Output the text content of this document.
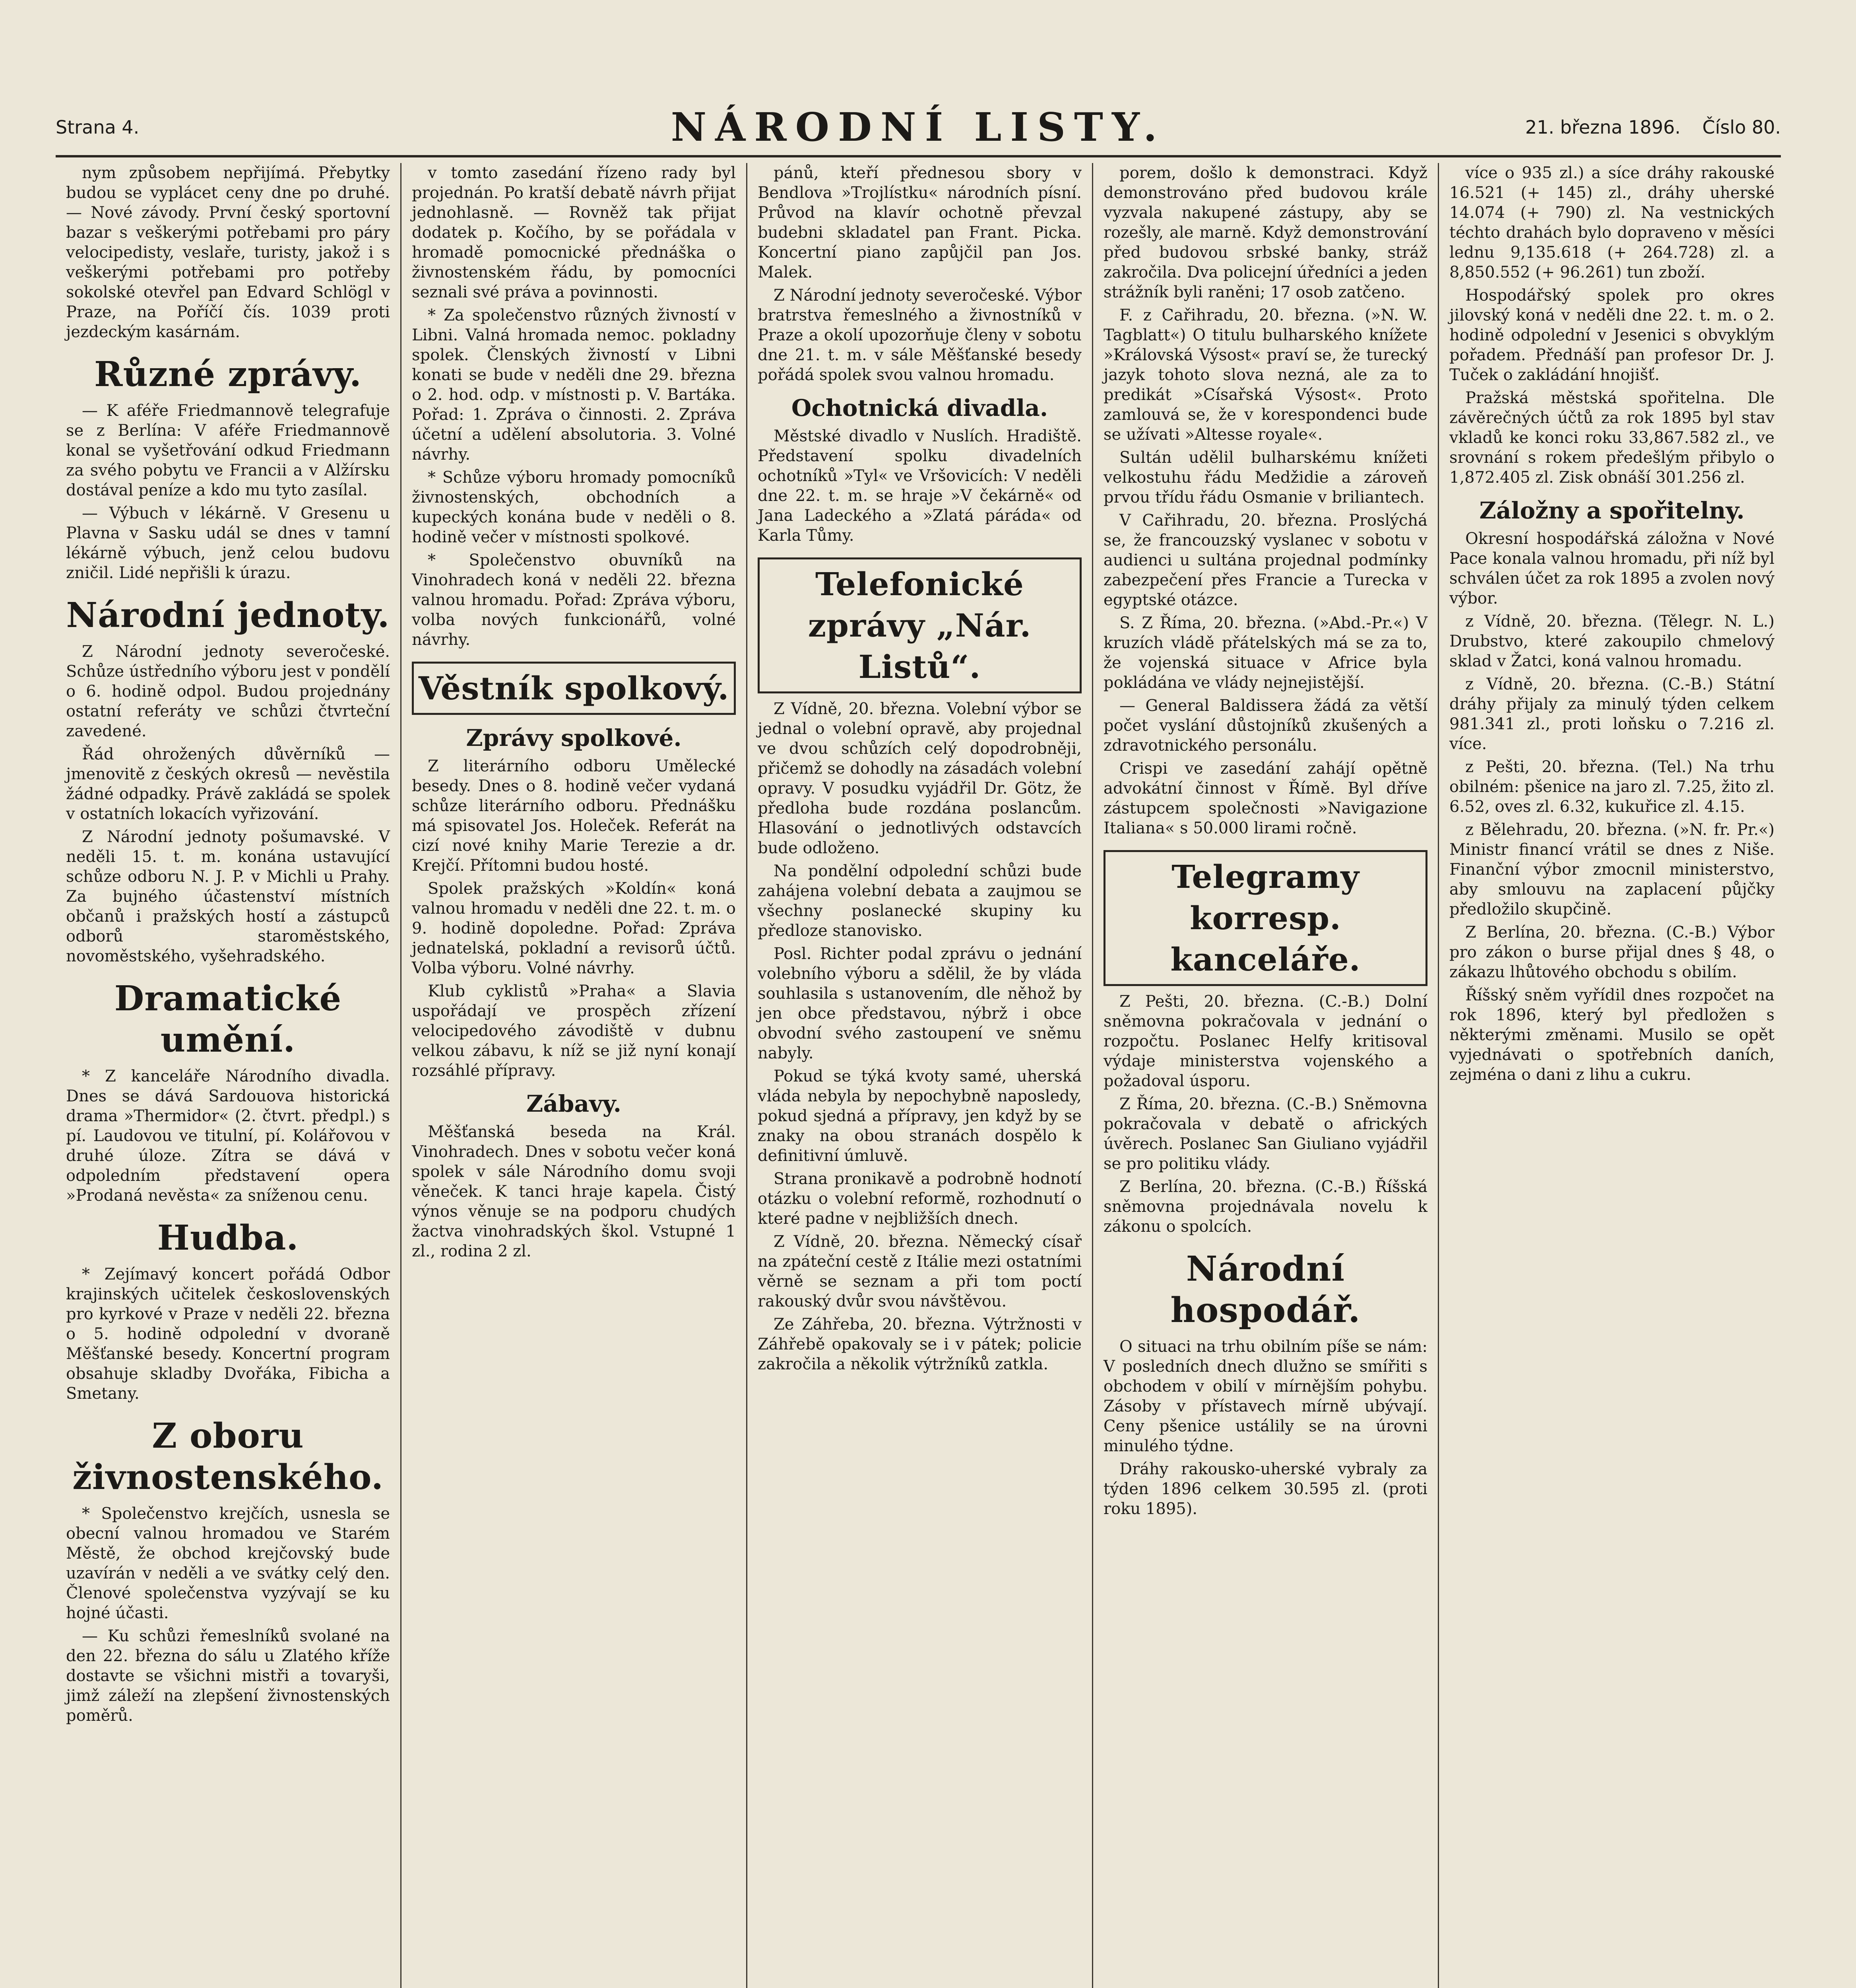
Strana 4.	NÁRODNÍ LISTY.	21. března 1896. Číslo 80.

nym způsobem nepřijímá. Přebytky budou se vyplácet ceny dne po druhé. — Nové závody. První český sportovní bazar s veškerými potřebami pro páry velocipedisty, veslaře, turisty, jakož i s veškerými potřebami pro potřeby sokolské otevřel pan Edvard Schlögl v Praze, na Poříčí čís. 1039 proti jezdeckým kasárnám.

Různé zprávy.

— K aféře Friedmannově telegrafuje se z Berlína: V aféře Friedmannově konal se vyšetřování odkud Friedmann za svého pobytu ve Francii a v Alžírsku dostával peníze a kdo mu tyto zasílal.

— Výbuch v lékárně. V Gresenu u Plavna v Sasku udál se dnes v tamní lékárně výbuch, jenž celou budovu zničil. Lidé nepřišli k úrazu.

Národní jednoty.

Z Národní jednoty severočeské. Schůze ústředního výboru jest v pondělí o 6. hodině odpol. Budou projednány ostatní referáty ve schůzi čtvrteční zavedené.

Řád ohrožených důvěrníků — jmenovitě z českých okresů — nevěstila žádné odpadky. Právě zakládá se spolek v ostatních lokacích vyřizování.

Z Národní jednoty pošumavské. V neděli 15. t. m. konána ustavující schůze odboru N. J. P. v Michli u Prahy. Za bujného účastenství místních občanů i pražských hostí a zástupců odborů staroměstského, novoměstského, vyšehradského.

Dramatické umění.

* Z kanceláře Národního divadla. Dnes se dává Sardouova historická drama »Thermidor« (2. čtvrt. předpl.) s pí. Laudovou ve titulní, pí. Kolářovou v druhé úloze. Zítra se dává v odpoledním představení opera »Prodaná nevěsta« za sníženou cenu.

Hudba.

* Zejímavý koncert pořádá Odbor krajinských učitelek československých pro kyrkové v Praze v neděli 22. března o 5. hodině odpolední v dvoraně Měšťanské besedy. Koncertní program obsahuje skladby Dvořáka, Fibicha a Smetany.

Z oboru živnostenského.

* Společenstvo krejčích, usnesla se obecní valnou hromadou ve Starém Městě, že obchod krejčovský bude uzavírán v neděli a ve svátky celý den. Členové společenstva vyzývají se ku hojné účasti.

— Ku schůzi řemeslníků svolané na den 22. března do sálu u Zlatého kříže dostavte se všichni mistři a tovaryši, jimž záleží na zlepšení živnostenských poměrů.

v tomto zasedání řízeno rady byl projednán. Po kratší debatě návrh přijat jednohlasně. — Rovněž tak přijat dodatek p. Kočího, by se pořádala v hromadě pomocnické přednáška o živnostenském řádu, by pomocníci seznali své práva a povinnosti.

* Za společenstvo různých živností v Libni. Valná hromada nemoc. pokladny spolek. Členských živností v Libni konati se bude v neděli dne 29. března o 2. hod. odp. v místnosti p. V. Bartáka. Pořad: 1. Zpráva o činnosti. 2. Zpráva účetní a udělení absolutoria. 3. Volné návrhy.

* Schůze výboru hromady pomocníků živnostenských, obchodních a kupeckých konána bude v neděli o 8. hodině večer v místnosti spolkové.

* Společenstvo obuvníků na Vinohradech koná v neděli 22. března valnou hromadu. Pořad: Zpráva výboru, volba nových funkcionářů, volné návrhy.

Věstník spolkový.
Zprávy spolkové.

Z literárního odboru Umělecké besedy. Dnes o 8. hodině večer vydaná schůze literárního odboru. Přednášku má spisovatel Jos. Holeček. Referát na cizí nové knihy Marie Terezie a dr. Krejčí. Přítomni budou hosté.

Spolek pražských »Koldín« koná valnou hromadu v neděli dne 22. t. m. o 9. hodině dopoledne. Pořad: Zpráva jednatelská, pokladní a revisorů účtů. Volba výboru. Volné návrhy.

Klub cyklistů »Praha« a Slavia uspořádají ve prospěch zřízení velocipedového závodiště v dubnu velkou zábavu, k níž se již nyní konají rozsáhlé přípravy.

Zábavy.

Měšťanská beseda na Král. Vinohradech. Dnes v sobotu večer koná spolek v sále Národního domu svoji věneček. K tanci hraje kapela. Čistý výnos věnuje se na podporu chudých žactva vinohradských škol. Vstupné 1 zl., rodina 2 zl.

pánů, kteří přednesou sbory v Bendlova »Trojlístku« národních písní. Průvod na klavír ochotně převzal budebni skladatel pan Frant. Picka. Koncertní piano zapůjčil pan Jos. Malek.

Z Národní jednoty severočeské. Výbor bratrstva řemeslného a živnostníků v Praze a okolí upozorňuje členy v sobotu dne 21. t. m. v sále Měšťanské besedy pořádá spolek svou valnou hromadu.

Ochotnická divadla.

Městské divadlo v Nuslích. Hradiště. Představení spolku divadelních ochotníků »Tyl« ve Vršovicích: V neděli dne 22. t. m. se hraje »V čekárně« od Jana Ladeckého a »Zlatá páráda« od Karla Tůmy.

Telefonické zprávy „Nár. Listů“.

Z Vídně, 20. března. Volební výbor se jednal o volební opravě, aby projednal ve dvou schůzích celý dopodrobněji, přičemž se dohodly na zásadách volební opravy. V posudku vyjádřil Dr. Götz, že předloha bude rozdána poslancům. Hlasování o jednotlivých odstavcích bude odloženo.

Na pondělní odpolední schůzi bude zahájena volební debata a zaujmou se všechny poslanecké skupiny ku předloze stanovisko.

Posl. Richter podal zprávu o jednání volebního výboru a sdělil, že by vláda souhlasila s ustanovením, dle něhož by jen obce představou, nýbrž i obce obvodní svého zastoupení ve sněmu nabyly.

Pokud se týká kvoty samé, uherská vláda nebyla by nepochybně naposledy, pokud sjedná a přípravy, jen když by se znaky na obou stranách dospělo k definitivní úmluvě.

Strana pronikavě a podrobně hodnotí otázku o volební reformě, rozhodnutí o které padne v nejbližších dnech.

Z Vídně, 20. března. Německý císař na zpáteční cestě z Itálie mezi ostatními věrně se seznam a při tom poctí rakouský dvůr svou návštěvou.

Ze Záhřeba, 20. března. Výtržnosti v Záhřebě opakovaly se i v pátek; policie zakročila a několik výtržníků zatkla.

porem, došlo k demonstraci. Když demonstrováno před budovou krále vyzvala nakupené zástupy, aby se rozešly, ale marně. Když demonstrování před budovou srbské banky, stráž zakročila. Dva policejní úředníci a jeden strážník byli raněni; 17 osob zatčeno.

F. z Cařihradu, 20. března. (»N. W. Tagblatt«) O titulu bulharského knížete »Královská Výsost« praví se, že turecký jazyk tohoto slova nezná, ale za to predikát »Císařská Výsost«. Proto zamlouvá se, že v korespondenci bude se užívati »Altesse royale«.

Sultán udělil bulharskému knížeti velkostuhu řádu Medžidie a zároveň prvou třídu řádu Osmanie v briliantech.

V Cařihradu, 20. března. Proslýchá se, že francouzský vyslanec v sobotu v audienci u sultána projednal podmínky zabezpečení přes Francie a Turecka v egyptské otázce.

S. Z Říma, 20. března. (»Abd.-Pr.«) V kruzích vládě přátelských má se za to, že vojenská situace v Africe byla pokládána ve vlády nejnejistější.

— General Baldissera žádá za větší počet vyslání důstojníků zkušených a zdravotnického personálu.

Crispi ve zasedání zahájí opětně advokátní činnost v Římě. Byl dříve zástupcem společnosti »Navigazione Italiana« s 50.000 lirami ročně.

Telegramy korresp. kanceláře.

Z Pešti, 20. března. (C.-B.) Dolní sněmovna pokračovala v jednání o rozpočtu. Poslanec Helfy kritisoval výdaje ministerstva vojenského a požadoval úsporu.

Z Říma, 20. března. (C.-B.) Sněmovna pokračovala v debatě o afrických úvěrech. Poslanec San Giuliano vyjádřil se pro politiku vlády.

Z Berlína, 20. března. (C.-B.) Říšská sněmovna projednávala novelu k zákonu o spolcích.

Národní hospodář.

O situaci na trhu obilním píše se nám: V posledních dnech dlužno se smířiti s obchodem v obilí v mírnějším pohybu. Zásoby v přístavech mírně ubývají. Ceny pšenice ustálily se na úrovni minulého týdne.

Dráhy rakousko-uherské vybraly za týden 1896 celkem 30.595 zl. (proti roku 1895).

více o 935 zl.) a síce dráhy rakouské 16.521 (+ 145) zl., dráhy uherské 14.074 (+ 790) zl. Na vestnických téchto drahách bylo dopraveno v měsíci lednu 9,135.618 (+ 264.728) zl. a 8,850.552 (+ 96.261) tun zboží.

Hospodářský spolek pro okres jilovský koná v neděli dne 22. t. m. o 2. hodině odpolední v Jesenici s obvyklým pořadem. Přednáší pan profesor Dr. J. Tuček o zakládání hnojišť.

Pražská městská spořitelna. Dle závěrečných účtů za rok 1895 byl stav vkladů ke konci roku 33,867.582 zl., ve srovnání s rokem předešlým přibylo o 1,872.405 zl. Zisk obnáší 301.256 zl.

Záložny a spořitelny.

Okresní hospodářská záložna v Nové Pace konala valnou hromadu, při níž byl schválen účet za rok 1895 a zvolen nový výbor.

z Vídně, 20. března. (Tělegr. N. L.) Drubstvo, které zakoupilo chmelový sklad v Žatci, koná valnou hromadu.

z Vídně, 20. března. (C.-B.) Státní dráhy přijaly za minulý týden celkem 981.341 zl., proti loňsku o 7.216 zl. více.

z Pešti, 20. března. (Tel.) Na trhu obilném: pšenice na jaro zl. 7.25, žito zl. 6.52, oves zl. 6.32, kukuřice zl. 4.15.

z Bělehradu, 20. března. (»N. fr. Pr.«) Ministr financí vrátil se dnes z Niše. Finanční výbor zmocnil ministerstvo, aby smlouvu na zaplacení půjčky předložilo skupčině.

Z Berlína, 20. března. (C.-B.) Výbor pro zákon o burse přijal dnes § 48, o zákazu lhůtového obchodu s obilím.

Říšský sněm vyřídil dnes rozpočet na rok 1896, který byl předložen s některými změnami. Musilo se opět vyjednávati o spotřebních daních, zejména o dani z lihu a cukru.
